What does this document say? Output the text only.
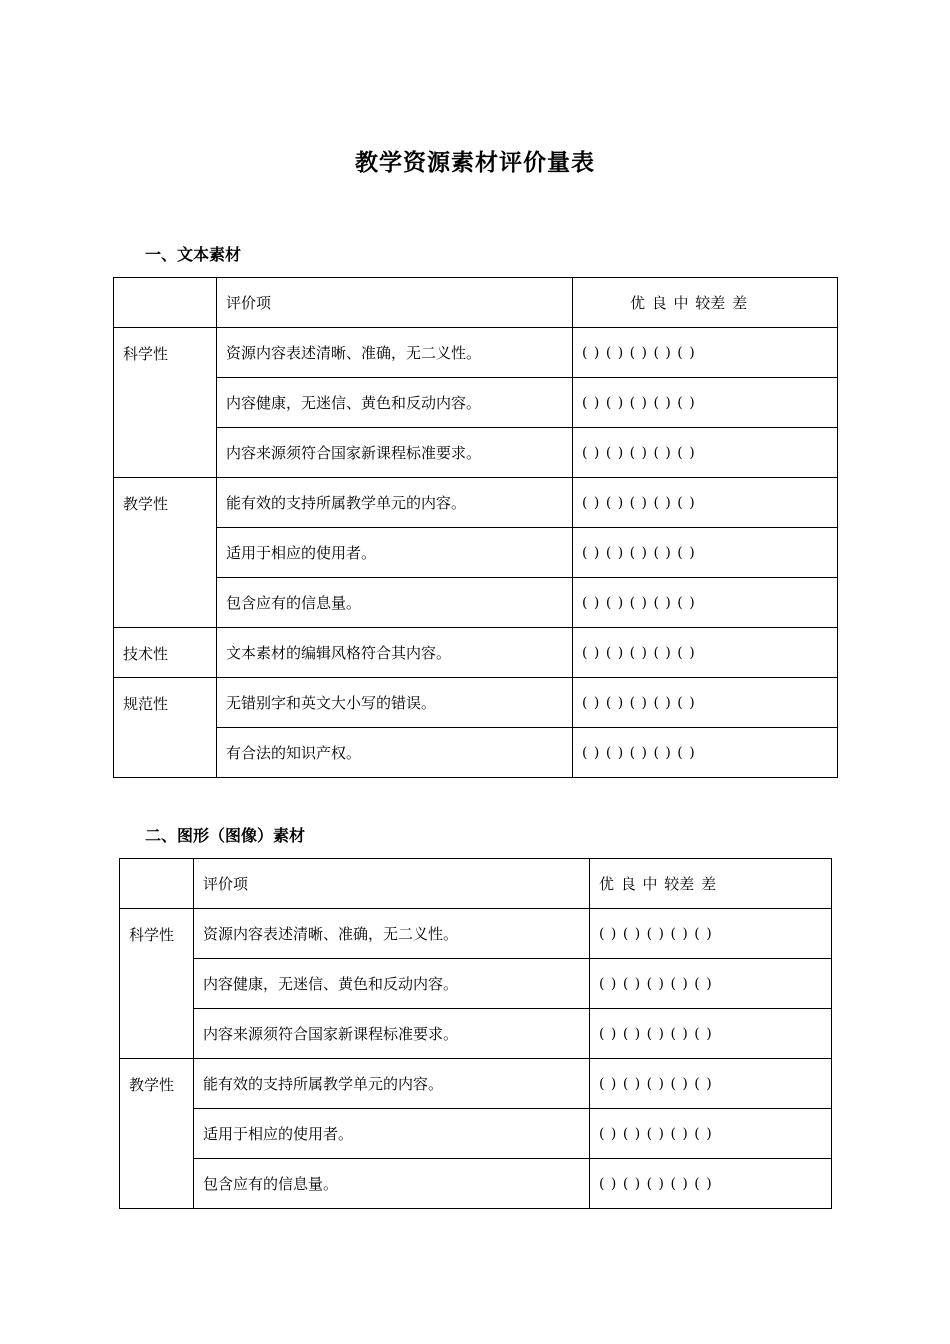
教学资源素材评价量表
一、文本素材
	评价项	优 良 中 较差 差
科学性	资源内容表述清晰、准确，无二义性。	( ) ( ) ( ) ( ) ( )
	内容健康，无迷信、黄色和反动内容。	( ) ( ) ( ) ( ) ( )
	内容来源须符合国家新课程标准要求。	( ) ( ) ( ) ( ) ( )
教学性	能有效的支持所属教学单元的内容。	( ) ( ) ( ) ( ) ( )
	适用于相应的使用者。	( ) ( ) ( ) ( ) ( )
	包含应有的信息量。	( ) ( ) ( ) ( ) ( )
技术性	文本素材的编辑风格符合其内容。	( ) ( ) ( ) ( ) ( )
规范性	无错别字和英文大小写的错误。	( ) ( ) ( ) ( ) ( )
	有合法的知识产权。	( ) ( ) ( ) ( ) ( )
二、图形（图像）素材
	评价项	优 良 中 较差 差
科学性	资源内容表述清晰、准确，无二义性。	( ) ( ) ( ) ( ) ( )
	内容健康，无迷信、黄色和反动内容。	( ) ( ) ( ) ( ) ( )
	内容来源须符合国家新课程标准要求。	( ) ( ) ( ) ( ) ( )
教学性	能有效的支持所属教学单元的内容。	( ) ( ) ( ) ( ) ( )
	适用于相应的使用者。	( ) ( ) ( ) ( ) ( )
	包含应有的信息量。	( ) ( ) ( ) ( ) ( )
